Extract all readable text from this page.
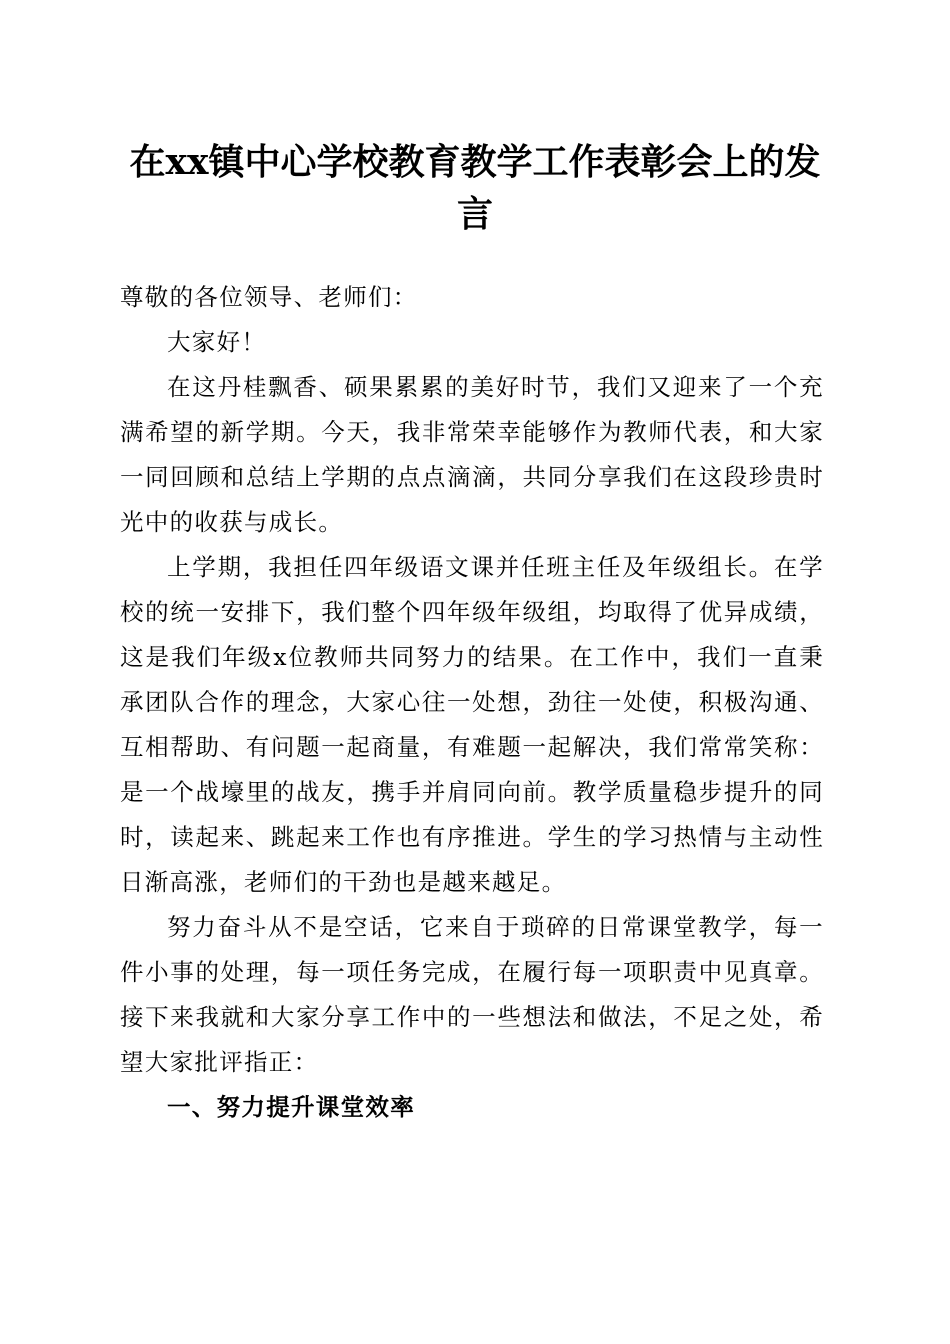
在xx镇中心学校教育教学工作表彰会上的发言

尊敬的各位领导、老师们：

大家好！

在这丹桂飘香、硕果累累的美好时节，我们又迎来了一个充满希望的新学期。今天，我非常荣幸能够作为教师代表，和大家一同回顾和总结上学期的点点滴滴，共同分享我们在这段珍贵时光中的收获与成长。

上学期，我担任四年级语文课并任班主任及年级组长。在学校的统一安排下，我们整个四年级年级组，均取得了优异成绩，这是我们年级x位教师共同努力的结果。在工作中，我们一直秉承团队合作的理念，大家心往一处想，劲往一处使，积极沟通、互相帮助、有问题一起商量，有难题一起解决，我们常常笑称：是一个战壕里的战友，携手并肩同向前。教学质量稳步提升的同时，读起来、跳起来工作也有序推进。学生的学习热情与主动性日渐高涨，老师们的干劲也是越来越足。

努力奋斗从不是空话，它来自于琐碎的日常课堂教学，每一件小事的处理，每一项任务完成，在履行每一项职责中见真章。接下来我就和大家分享工作中的一些想法和做法，不足之处，希望大家批评指正：

一、努力提升课堂效率
